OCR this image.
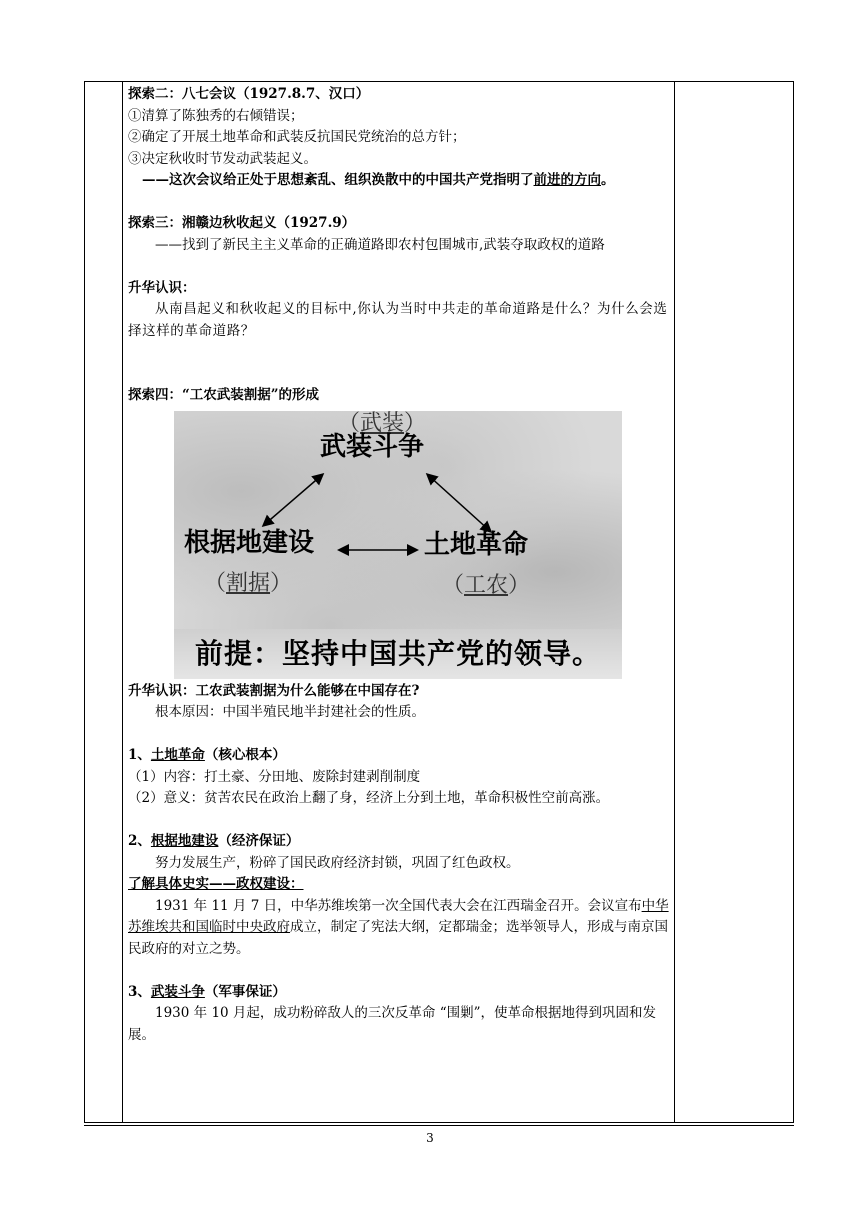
探索二：八七会议（1927.8.7、汉口）

①清算了陈独秀的右倾错误；

②确定了开展土地革命和武装反抗国民党统治的总方针；

③决定秋收时节发动武装起义。

——这次会议给正处于思想紊乱、组织涣散中的中国共产党指明了前进的方向。

探索三：湘赣边秋收起义（1927.9）

——找到了新民主主义革命的正确道路即农村包围城市,武装夺取政权的道路

升华认识：

从南昌起义和秋收起义的目标中,你认为当时中共走的革命道路是什么？为什么会选择这样的革命道路？

探索四：“工农武装割据”的形成

（武装）
武装斗争
根据地建设
（割据）
土地革命
（工农）
前提：坚持中国共产党的领导。

升华认识：工农武装割据为什么能够在中国存在?

根本原因：中国半殖民地半封建社会的性质。

1、土地革命（核心根本）

（1）内容：打土豪、分田地、废除封建剥削制度

（2）意义：贫苦农民在政治上翻了身，经济上分到土地，革命积极性空前高涨。

2、根据地建设（经济保证）

努力发展生产，粉碎了国民政府经济封锁，巩固了红色政权。

了解具体史实——政权建设：

1931 年 11 月 7 日，中华苏维埃第一次全国代表大会在江西瑞金召开。会议宣布中华苏维埃共和国临时中央政府成立，制定了宪法大纲，定都瑞金；选举领导人，形成与南京国民政府的对立之势。

3、武装斗争（军事保证）

1930 年 10 月起，成功粉碎敌人的三次反革命 “围剿”，使革命根据地得到巩固和发展。

3
